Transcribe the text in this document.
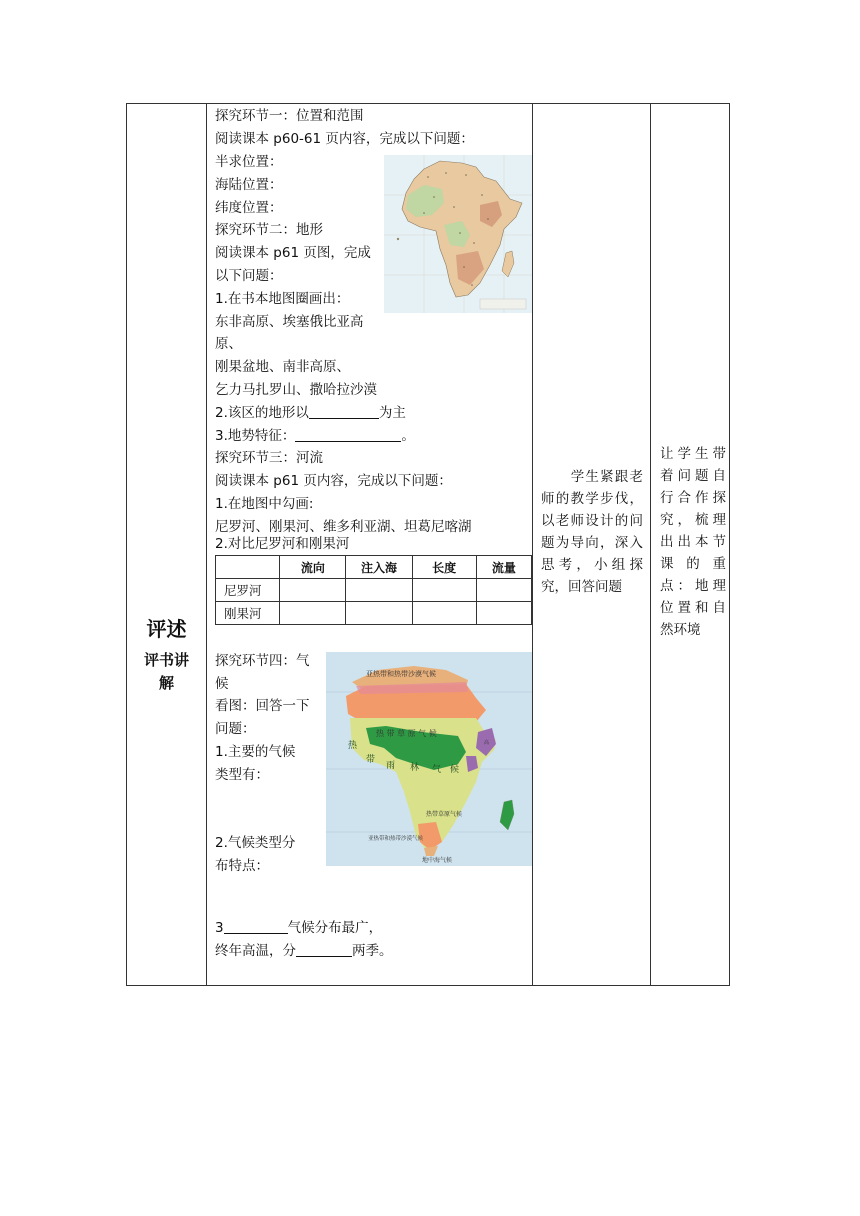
评述
评书讲
解
探究环节一：位置和范围
阅读课本 p60-61 页内容，完成以下问题：
半求位置：
海陆位置：
纬度位置：
探究环节二：地形
阅读课本 p61 页图，完成
以下问题：
1.在书本地图圈画出：
东非高原、埃塞俄比亚高
原、
刚果盆地、南非高原、
乞力马扎罗山、撒哈拉沙漠
2.该区的地形以	为主
3.地势特征：	。
探究环节三：河流
阅读课本 p61 页内容，完成以下问题：
1.在地图中勾画:
尼罗河、刚果河、维多利亚湖、坦葛尼喀湖
2.对比尼罗河和刚果河
	流向	注入海	长度	流量
尼罗河				
刚果河				
探究环节四：气
候
看图：回答一下
问题：
1.主要的气候
类型有：
2.气候类型分
布特点：
3	气候分布最广，
终年高温，分	两季。
亚热带和热带沙漠气候
热
带
雨 林 气 候
热 带 草 原 气 候
热带草原气候
亚热带和热带沙漠气候
地中海气候
高
学生紧跟老师的教学步伐，以老师设计的问题为导向，深入思考，小组探究，回答问题
让学生带着问题自行合作探究，梳理出出本节课的重点：地理位置和自然环境
